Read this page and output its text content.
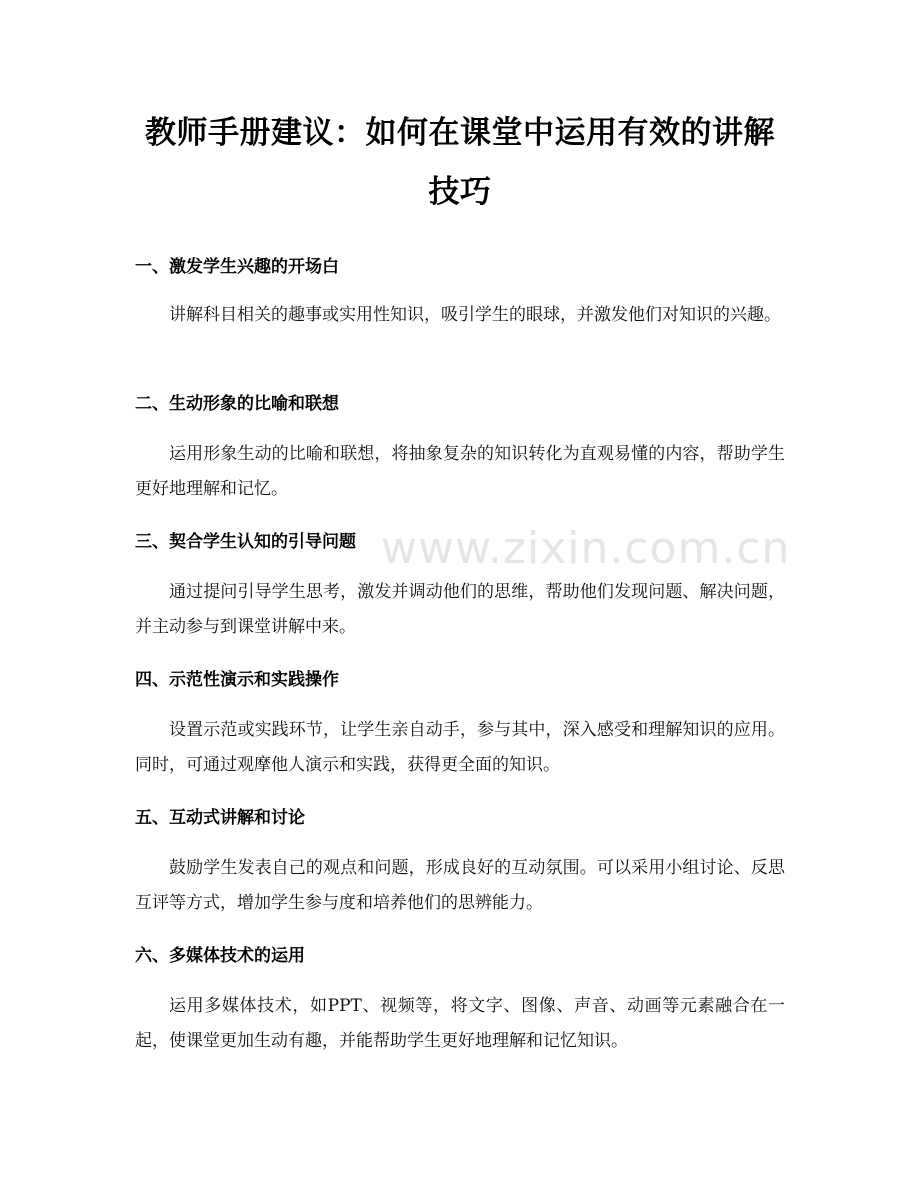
www.zixin.com.cn
教师手册建议：如何在课堂中运用有效的讲解技巧
一、激发学生兴趣的开场白

讲解科目相关的趣事或实用性知识，吸引学生的眼球，并激发他们对知识的兴趣。

二、生动形象的比喻和联想

运用形象生动的比喻和联想，将抽象复杂的知识转化为直观易懂的内容，帮助学生更好地理解和记忆。

三、契合学生认知的引导问题

通过提问引导学生思考，激发并调动他们的思维，帮助他们发现问题、解决问题，并主动参与到课堂讲解中来。

四、示范性演示和实践操作

设置示范或实践环节，让学生亲自动手，参与其中，深入感受和理解知识的应用。同时，可通过观摩他人演示和实践，获得更全面的知识。

五、互动式讲解和讨论

鼓励学生发表自己的观点和问题，形成良好的互动氛围。可以采用小组讨论、反思互评等方式，增加学生参与度和培养他们的思辨能力。

六、多媒体技术的运用

运用多媒体技术，如PPT、视频等，将文字、图像、声音、动画等元素融合在一起，使课堂更加生动有趣，并能帮助学生更好地理解和记忆知识。
